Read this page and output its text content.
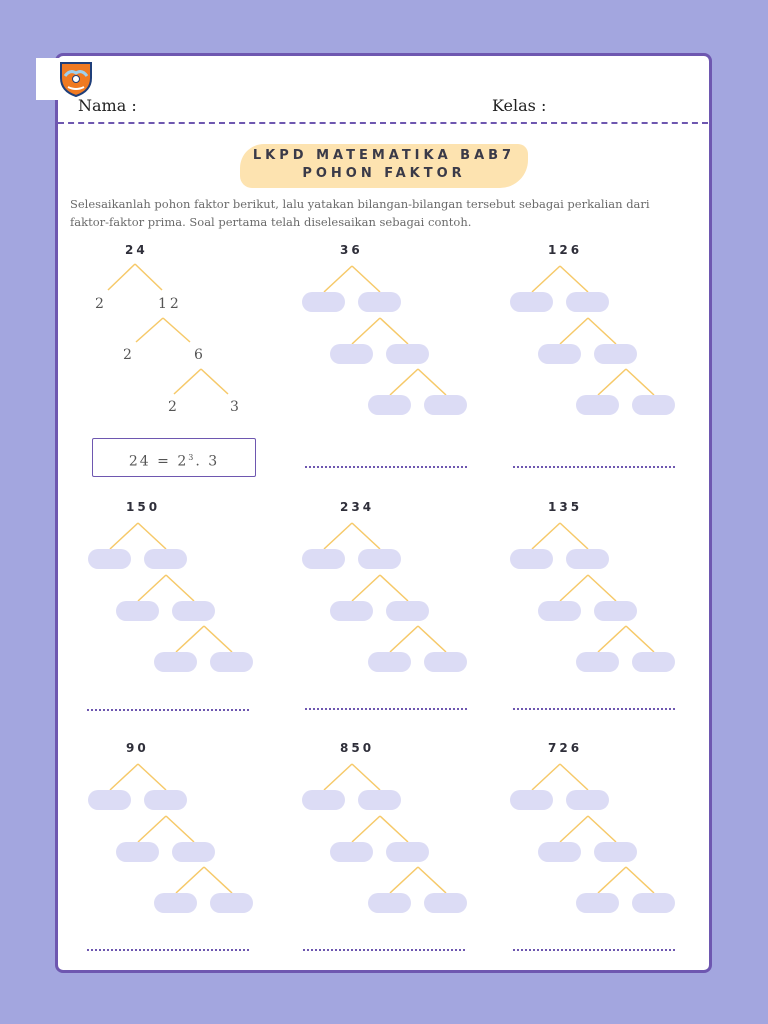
Nama :	Kelas :
LKPD MATEMATIKA BAB7
POHON FAKTOR
Selesaikanlah pohon faktor berikut, lalu yatakan bilangan-bilangan tersebut sebagai perkalian dari faktor-faktor prima. Soal pertama telah diselesaikan sebagai contoh.
24
2	12
2	6
2	3
$24 = 2^3$. 3
36	126
150	234	135
90	850	726
